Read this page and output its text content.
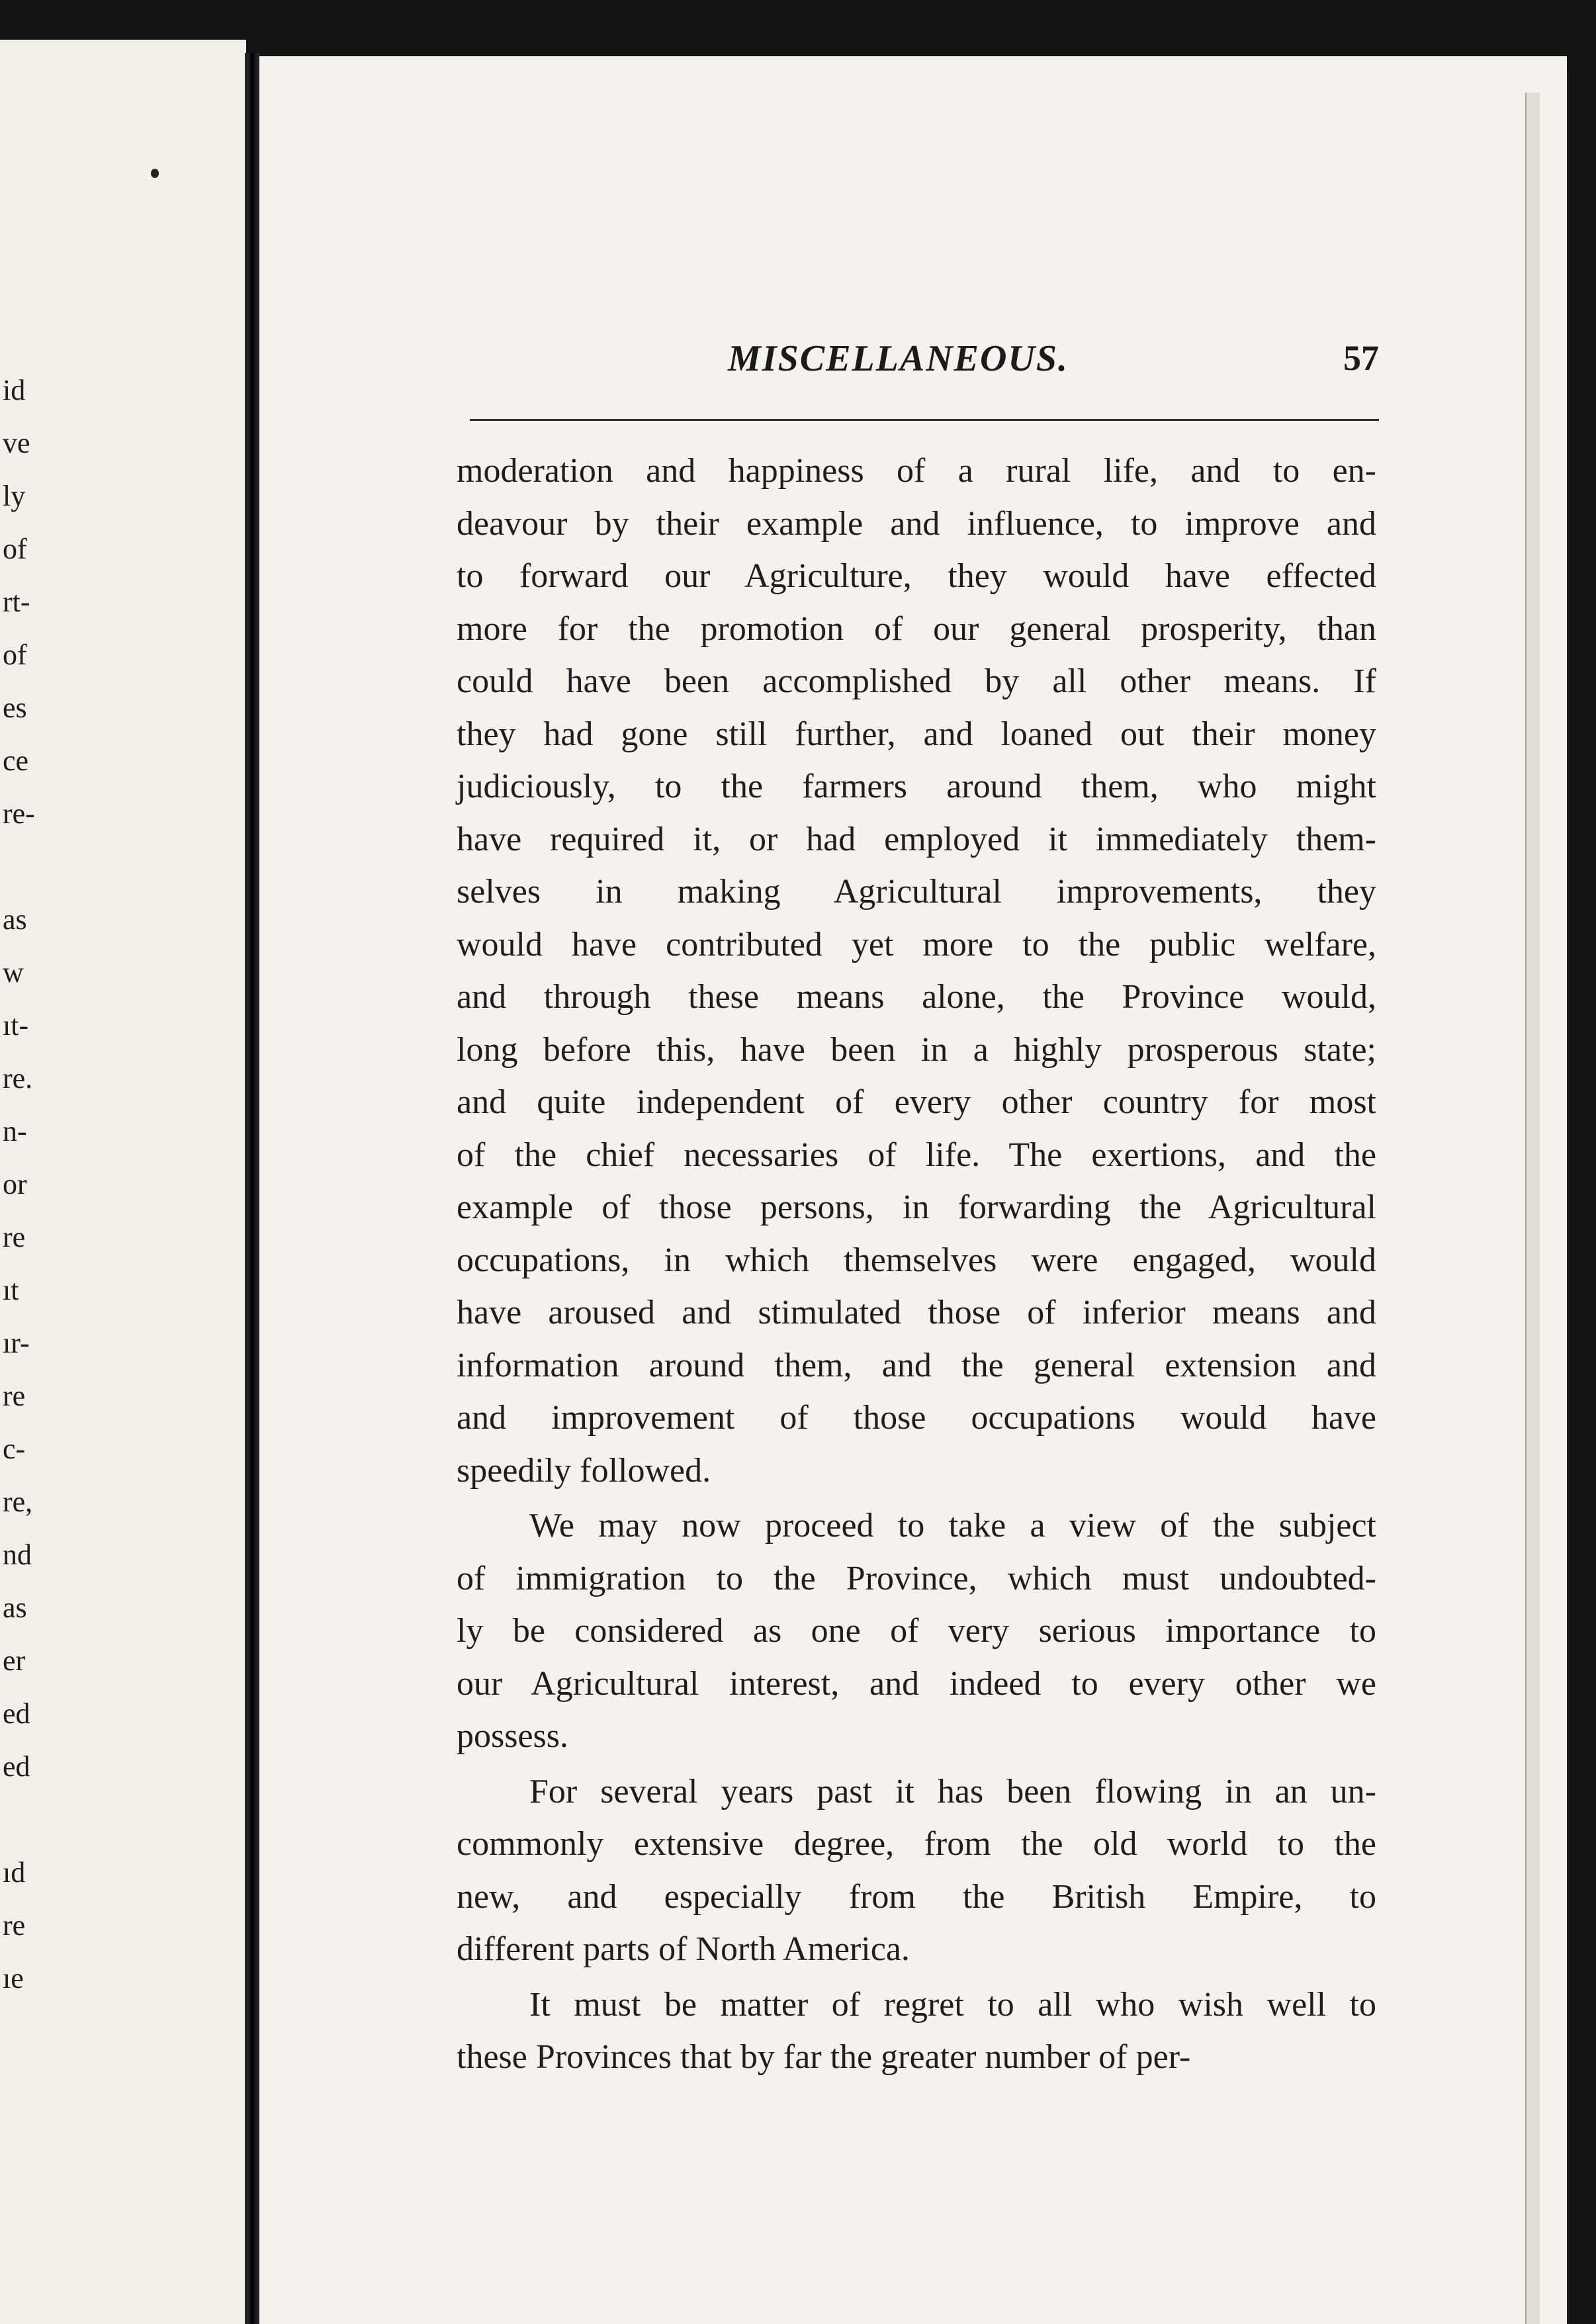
id
ve
ly
of
rt-
of
es
ce
re-
as
w
ıt-
re.
n-
or
re
ıt
ır-
re
c-
re,
nd
as
er
ed
ed
ıd
re
ıe
MISCELLANEOUS.	57
moderation and happiness of a rural life, and to en-
deavour by their example and influence, to improve and
to forward our Agriculture, they would have effected
more for the promotion of our general prosperity, than
could have been accomplished by all other means. If
they had gone still further, and loaned out their money
judiciously, to the farmers around them, who might
have required it, or had employed it immediately them-
selves in making Agricultural improvements, they
would have contributed yet more to the public welfare,
and through these means alone, the Province would,
long before this, have been in a highly prosperous state;
and quite independent of every other country for most
of the chief necessaries of life. The exertions, and the
example of those persons, in forwarding the Agricultural
occupations, in which themselves were engaged, would
have aroused and stimulated those of inferior means and
information around them, and the general extension and
and improvement of those occupations would have
speedily followed.
We may now proceed to take a view of the subject
of immigration to the Province, which must undoubted-
ly be considered as one of very serious importance to
our Agricultural interest, and indeed to every other we
possess.
For several years past it has been flowing in an un-
commonly extensive degree, from the old world to the
new, and especially from the British Empire, to
different parts of North America.
It must be matter of regret to all who wish well to
these Provinces that by far the greater number of per-
